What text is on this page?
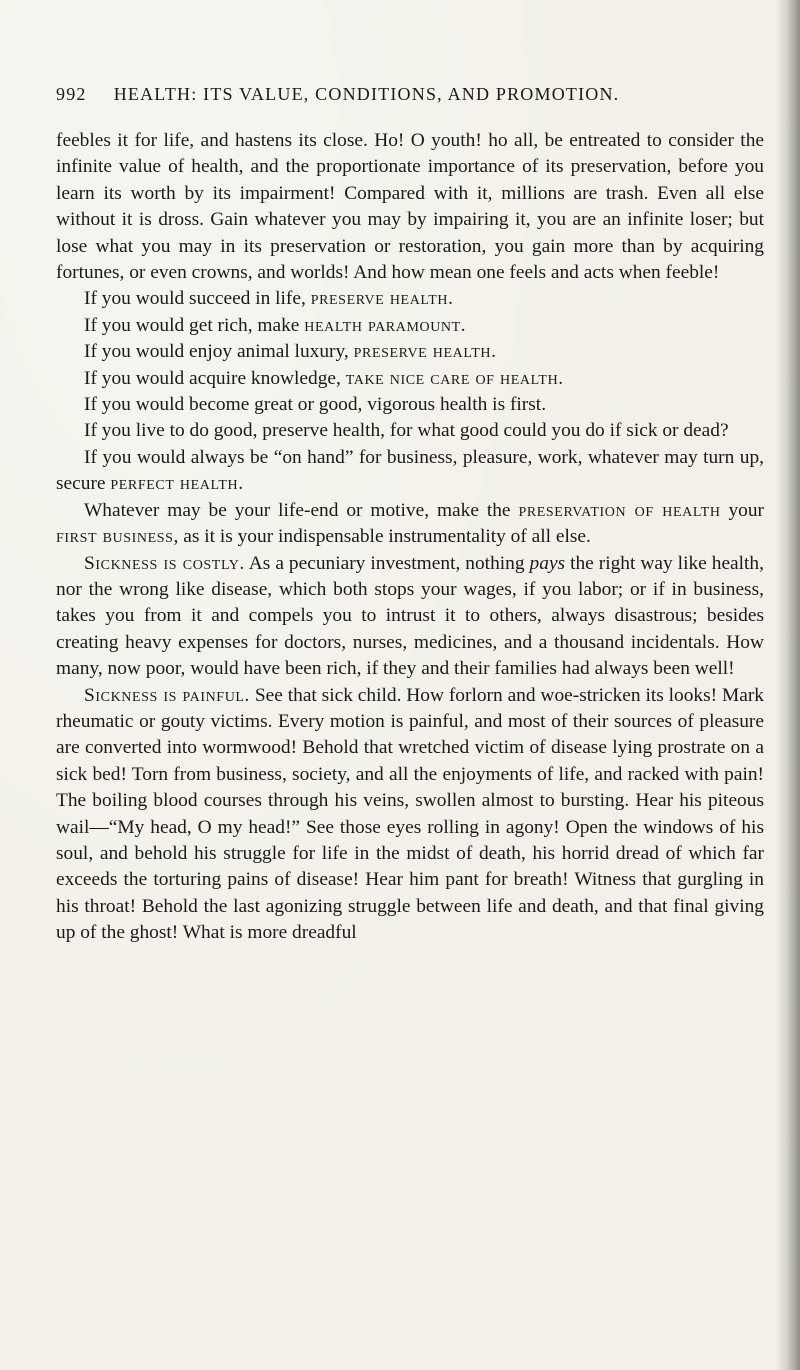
992 HEALTH: ITS VALUE, CONDITIONS, AND PROMOTION.

feebles it for life, and hastens its close. Ho! O youth! ho all, be entreated to consider the infinite value of health, and the proportionate importance of its preservation, before you learn its worth by its impairment! Compared with it, millions are trash. Even all else without it is dross. Gain whatever you may by impairing it, you are an infinite loser; but lose what you may in its preservation or restoration, you gain more than by acquiring fortunes, or even crowns, and worlds! And how mean one feels and acts when feeble!

If you would succeed in life, preserve health.

If you would get rich, make health paramount.

If you would enjoy animal luxury, preserve health.

If you would acquire knowledge, take nice care of health.

If you would become great or good, vigorous health is first.

If you live to do good, preserve health, for what good could you do if sick or dead?

If you would always be “on hand” for business, pleasure, work, whatever may turn up, secure perfect health.

Whatever may be your life-end or motive, make the preservation of health your first business, as it is your indispensable instrumentality of all else.

Sickness is costly. As a pecuniary investment, nothing pays the right way like health, nor the wrong like disease, which both stops your wages, if you labor; or if in business, takes you from it and compels you to intrust it to others, always disastrous; besides creating heavy expenses for doctors, nurses, medicines, and a thousand incidentals. How many, now poor, would have been rich, if they and their families had always been well!

Sickness is painful. See that sick child. How forlorn and woe-stricken its looks! Mark rheumatic or gouty victims. Every motion is painful, and most of their sources of pleasure are converted into wormwood! Behold that wretched victim of disease lying prostrate on a sick bed! Torn from business, society, and all the enjoyments of life, and racked with pain! The boiling blood courses through his veins, swollen almost to bursting. Hear his piteous wail—“My head, O my head!” See those eyes rolling in agony! Open the windows of his soul, and behold his struggle for life in the midst of death, his horrid dread of which far exceeds the torturing pains of disease! Hear him pant for breath! Witness that gurgling in his throat! Behold the last agonizing struggle between life and death, and that final giving up of the ghost! What is more dreadful
